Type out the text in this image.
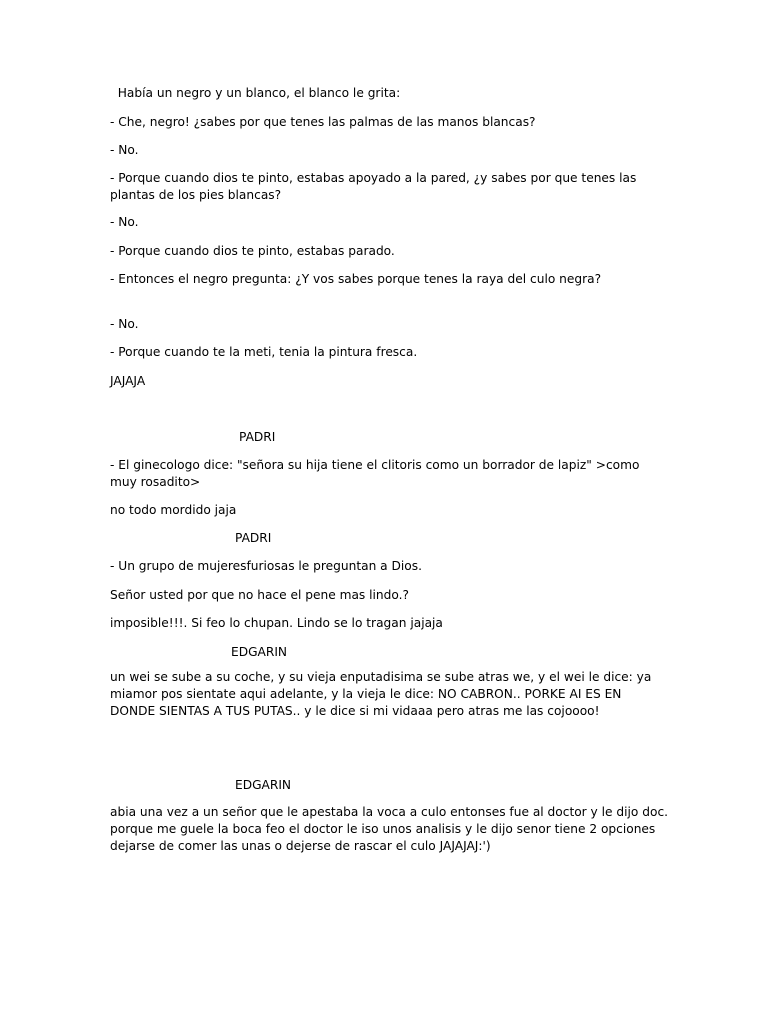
Había un negro y un blanco, el blanco le grita:

- Che, negro! ¿sabes por que tenes las palmas de las manos blancas?

- No.

- Porque cuando dios te pinto, estabas apoyado a la pared, ¿y sabes por que tenes las plantas de los pies blancas?

- No.

- Porque cuando dios te pinto, estabas parado.

- Entonces el negro pregunta: ¿Y vos sabes porque tenes la raya del culo negra?

- No.

- Porque cuando te la meti, tenia la pintura fresca.

JAJAJA

PADRI

- El ginecologo dice: "señora su hija tiene el clitoris como un borrador de lapiz" >como muy rosadito>

no todo mordido jaja

PADRI

- Un grupo de mujeresfuriosas le preguntan a Dios.

Señor usted por que no hace el pene mas lindo.?

imposible!!!. Si feo lo chupan. Lindo se lo tragan jajaja

EDGARIN

un wei se sube a su coche, y su vieja enputadisima se sube atras we, y el wei le dice: ya miamor pos sientate aqui adelante, y la vieja le dice: NO CABRON.. PORKE AI ES EN DONDE SIENTAS A TUS PUTAS.. y le dice si mi vidaaa pero atras me las cojoooo!

EDGARIN

abia una vez a un señor que le apestaba la voca a culo entonses fue al doctor y le dijo doc. porque me guele la boca feo el doctor le iso unos analisis y le dijo senor tiene 2 opciones dejarse de comer las unas o dejerse de rascar el culo JAJAJAJ:')
